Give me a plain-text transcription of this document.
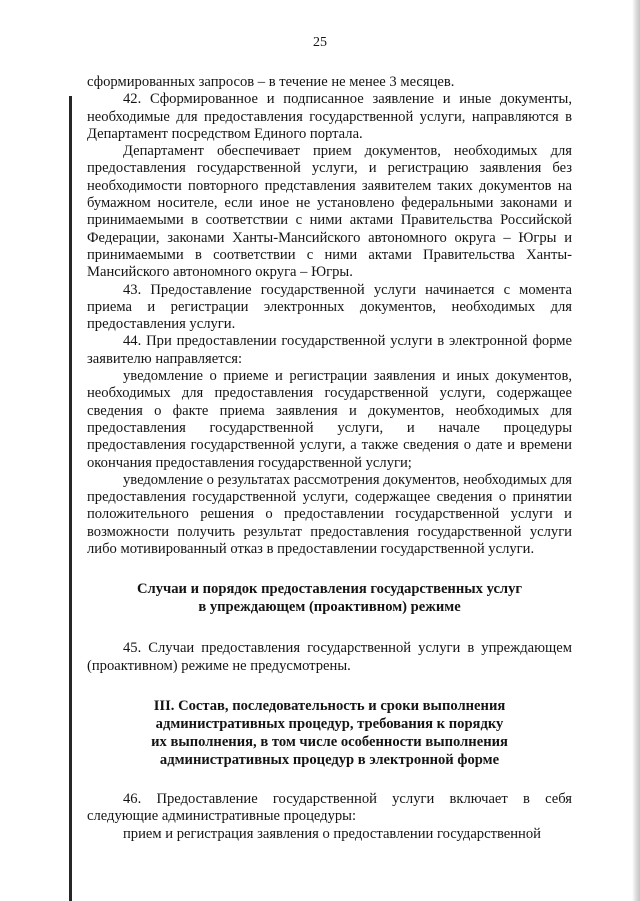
25

сформированных запросов – в течение не менее 3 месяцев.

42. Сформированное и подписанное заявление и иные документы, необходимые для предоставления государственной услуги, направляются в Департамент посредством Единого портала.

Департамент обеспечивает прием документов, необходимых для предоставления государственной услуги, и регистрацию заявления без необходимости повторного представления заявителем таких документов на бумажном носителе, если иное не установлено федеральными законами и принимаемыми в соответствии с ними актами Правительства Российской Федерации, законами Ханты-Мансийского автономного округа – Югры и принимаемыми в соответствии с ними актами Правительства Ханты-Мансийского автономного округа – Югры.

43. Предоставление государственной услуги начинается с момента приема и регистрации электронных документов, необходимых для предоставления услуги.

44. При предоставлении государственной услуги в электронной форме заявителю направляется:

уведомление о приеме и регистрации заявления и иных документов, необходимых для предоставления государственной услуги, содержащее сведения о факте приема заявления и документов, необходимых для предоставления государственной услуги, и начале процедуры предоставления государственной услуги, а также сведения о дате и времени окончания предоставления государственной услуги;

уведомление о результатах рассмотрения документов, необходимых для предоставления государственной услуги, содержащее сведения о принятии положительного решения о предоставлении государственной услуги и возможности получить результат предоставления государственной услуги либо мотивированный отказ в предоставлении государственной услуги.

Случаи и порядок предоставления государственных услуг
в упреждающем (проактивном) режиме

45. Случаи предоставления государственной услуги в упреждающем (проактивном) режиме не предусмотрены.

III. Состав, последовательность и сроки выполнения
административных процедур, требования к порядку
их выполнения, в том числе особенности выполнения
административных процедур в электронной форме

46. Предоставление государственной услуги включает в себя следующие административные процедуры:

прием и регистрация заявления о предоставлении государственной
